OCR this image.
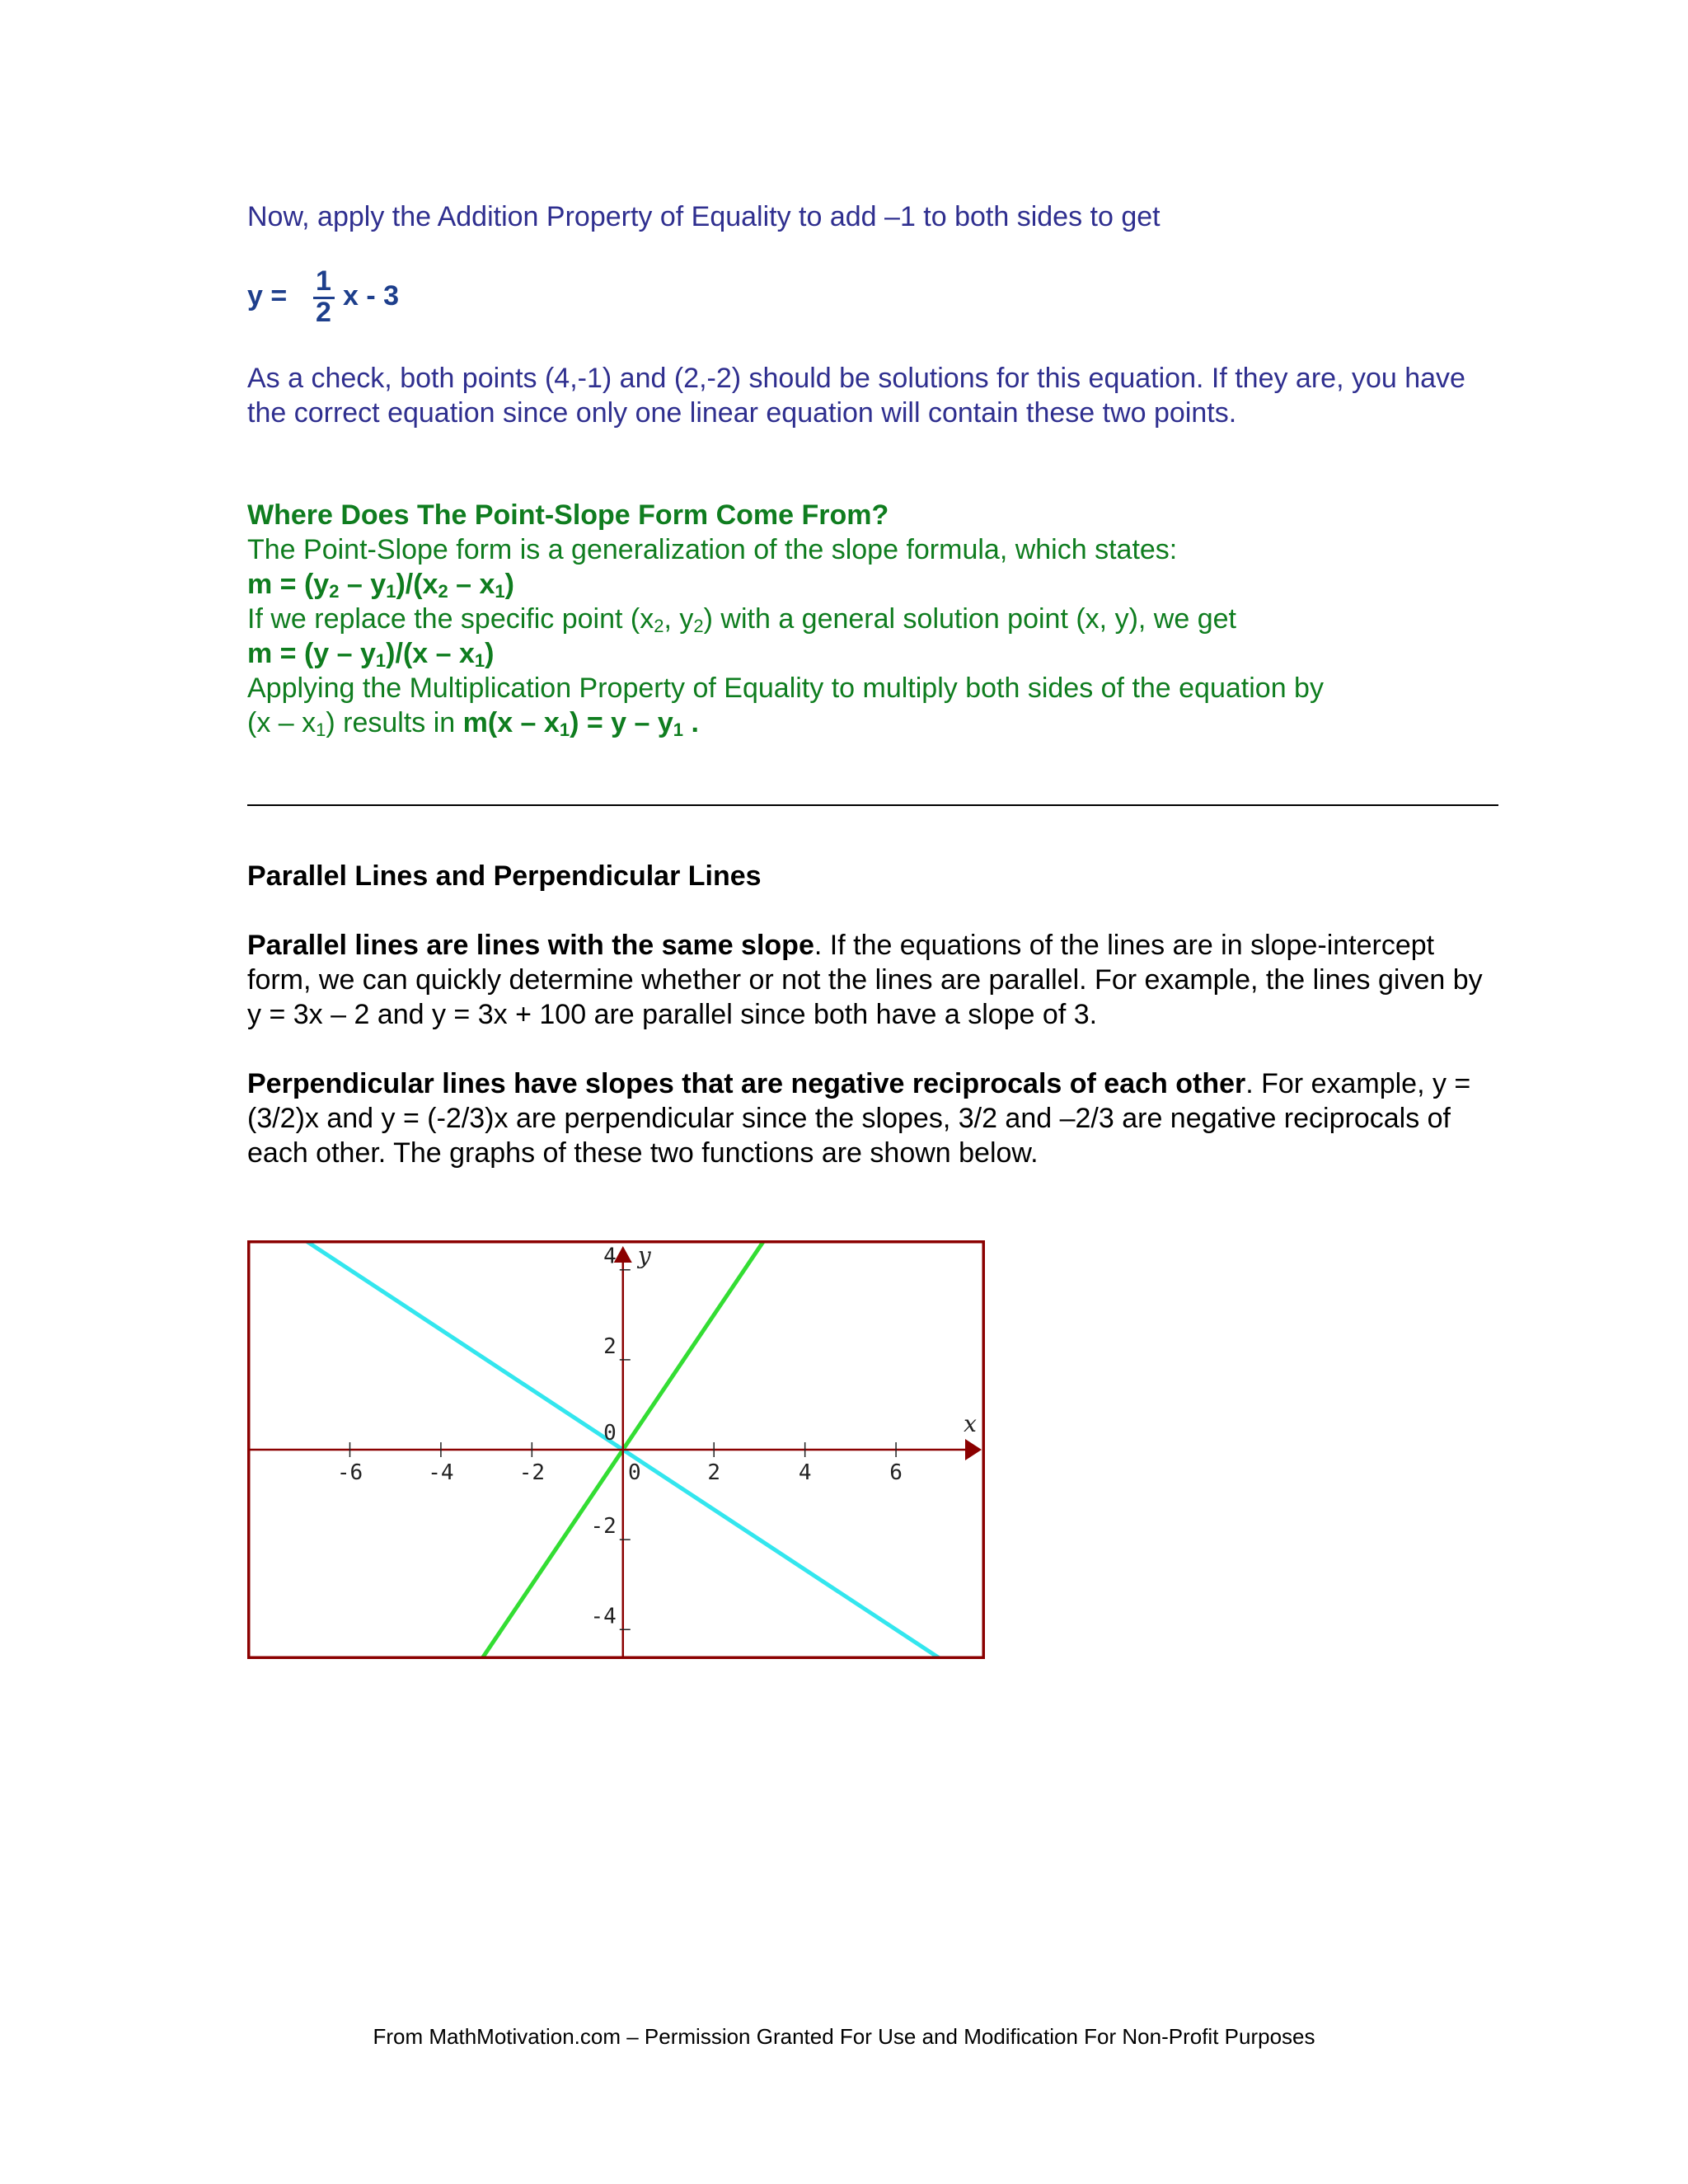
Now, apply the Addition Property of Equality to add –1 to both sides to get

y = 1
2
x - 3

As a check, both points (4,-1) and (2,-2) should be solutions for this equation. If they are, you have the correct equation since only one linear equation will contain these two points.

Where Does The Point-Slope Form Come From?

The Point-Slope form is a generalization of the slope formula, which states:

$m = (y_2 - y_1)/(x_2 - x_1)$

If we replace the specific point ($x_2$, $y_2$) with a general solution point (x, y), we get

$m = (y - y_1)/(x - x_1)$

Applying the Multiplication Property of Equality to multiply both sides of the equation by

$(x - x_1)$ results in $m(x - x_1) = y - y_1$ .

Parallel Lines and Perpendicular Lines

Parallel lines are lines with the same slope. If the equations of the lines are in slope-intercept form, we can quickly determine whether or not the lines are parallel. For example, the lines given by y = 3x – 2 and y = 3x + 100 are parallel since both have a slope of 3.

Perpendicular lines have slopes that are negative reciprocals of each other. For example, y = (3/2)x and y = (-2/3)x are perpendicular since the slopes, 3/2 and –2/3 are negative reciprocals of each other. The graphs of these two functions are shown below.

-6	-4	-2	0	2	4	6
4
2
0
-2
-4
x
y

From MathMotivation.com – Permission Granted For Use and Modification For Non-Profit Purposes
